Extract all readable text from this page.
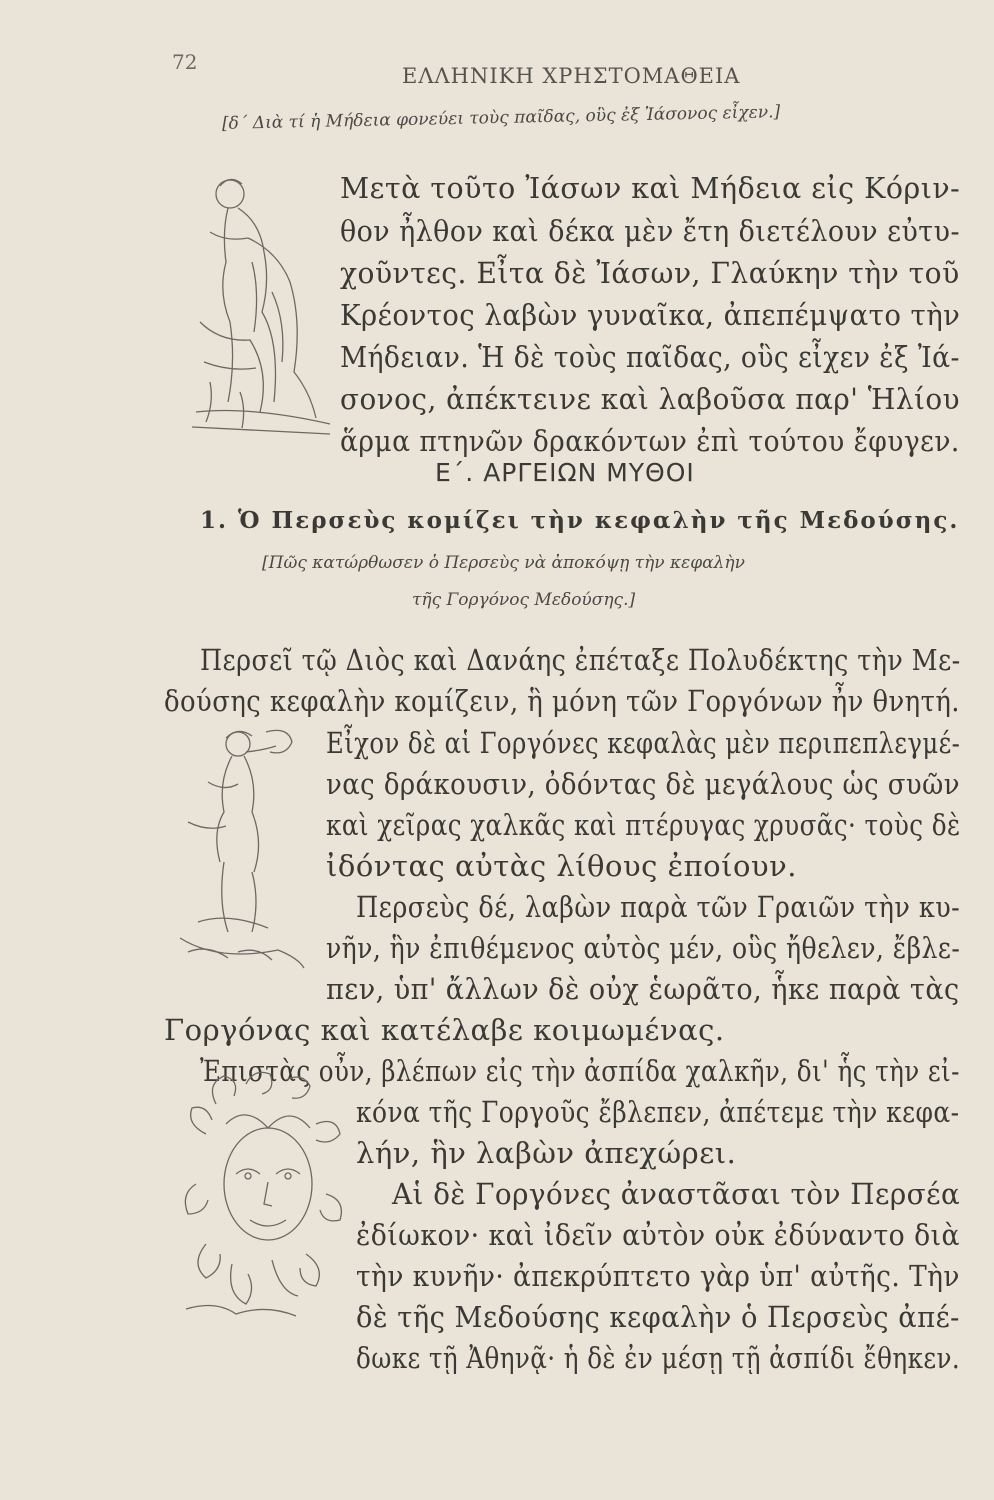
72
ΕΛΛΗΝΙΚΗ ΧΡΗΣΤΟΜΑΘΕΙΑ
[δ΄ Διὰ τί ἡ Μήδεια φονεύει τοὺς παῖδας, οὓς ἐξ Ἰάσονος εἶχεν.]
Μετὰ τοῦτο Ἰάσων καὶ Μήδεια εἰς Κόριν-
θον ἦλθον καὶ δέκα μὲν ἔτη διετέλουν εὐτυ-
χοῦντες. Εἶτα δὲ Ἰάσων, Γλαύκην τὴν τοῦ
Κρέοντος λαβὼν γυναῖκα, ἀπεπέμψατο τὴν
Μήδειαν. Ἡ δὲ τοὺς παῖδας, οὓς εἶχεν ἐξ Ἰά-
σονος, ἀπέκτεινε καὶ λαβοῦσα παρ' Ἡλίου
ἅρμα πτηνῶν δρακόντων ἐπὶ τούτου ἔφυγεν.
Ε΄. ΑΡΓΕΙΩΝ ΜΥΘΟΙ
1. Ὁ Περσεὺς κομίζει τὴν κεφαλὴν τῆς Μεδούσης.
[Πῶς κατώρθωσεν ὁ Περσεὺς νὰ ἀποκόψῃ τὴν κεφαλὴν
τῆς Γοργόνος Μεδούσης.]
Περσεῖ τῷ Διὸς καὶ Δανάης ἐπέταξε Πολυδέκτης τὴν Με-
δούσης κεφαλὴν κομίζειν, ἣ μόνη τῶν Γοργόνων ἦν θνητή.
Εἶχον δὲ αἱ Γοργόνες κεφαλὰς μὲν περιπεπλεγμέ-
νας δράκουσιν, ὀδόντας δὲ μεγάλους ὡς συῶν
καὶ χεῖρας χαλκᾶς καὶ πτέρυγας χρυσᾶς· τοὺς δὲ
ἰδόντας αὐτὰς λίθους ἐποίουν.
Περσεὺς δέ, λαβὼν παρὰ τῶν Γραιῶν τὴν κυ-
νῆν, ἣν ἐπιθέμενος αὐτὸς μέν, οὓς ἤθελεν, ἔβλε-
πεν, ὑπ' ἄλλων δὲ οὐχ ἑωρᾶτο, ἧκε παρὰ τὰς
Γοργόνας καὶ κατέλαβε κοιμωμένας.
Ἐπιστὰς οὖν, βλέπων εἰς τὴν ἀσπίδα χαλκῆν, δι' ἧς τὴν εἰ-
κόνα τῆς Γοργοῦς ἔβλεπεν, ἀπέτεμε τὴν κεφα-
λήν, ἣν λαβὼν ἀπεχώρει.
Αἱ δὲ Γοργόνες ἀναστᾶσαι τὸν Περσέα
ἐδίωκον· καὶ ἰδεῖν αὐτὸν οὐκ ἐδύναντο διὰ
τὴν κυνῆν· ἀπεκρύπτετο γὰρ ὑπ' αὐτῆς. Τὴν
δὲ τῆς Μεδούσης κεφαλὴν ὁ Περσεὺς ἀπέ-
δωκε τῇ Ἀθηνᾷ· ἡ δὲ ἐν μέσῃ τῇ ἀσπίδι ἔθηκεν.
